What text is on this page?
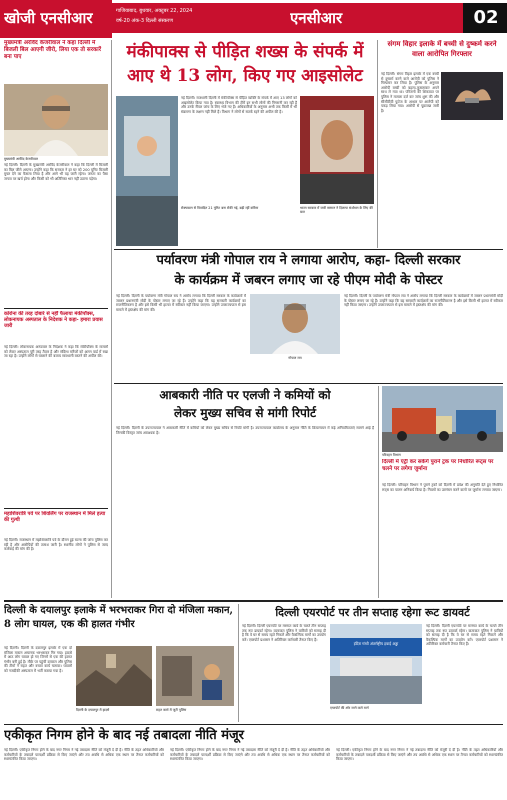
खोजी एनसीआर	गाजियाबाद, बुधवार, अक्टूबर 22, 2024
वर्ष-20 अंक-3 दिल्ली संस्करण	एनसीआर	02
मुख्यमंत्री अरविंद केजरीवाल ने कहा दिल्ली में बिजली बिल आएगी जीरो, लिया एक तो सरकारें बना पाए
मुख्यमंत्री अरविंद केजरीवाल
नई दिल्ली। दिल्ली के मुख्यमंत्री अरविंद केजरीवाल ने कहा कि दिल्ली में बिजली का बिल जीरो आएगा। उन्होंने कहा कि सरकार ने हर घर को 200 यूनिट बिजली मुफ्त देने का फैसला लिया है और आगे भी यह जारी रहेगा। जनता का पैसा जनता पर खर्च होगा और किसी को भी अतिरिक्त भार नहीं उठाना पड़ेगा।
कोरोना की तरह दोबारे से नहीं फैलाया मंकीपॉक्स, लोकनायक अस्पताल के निदेशक ने कहा- हमारा प्रयास जारी
नई दिल्ली। लोकनायक अस्पताल के निदेशक ने कहा कि मंकीपॉक्स के मामलों को लेकर अस्पताल पूरी तरह तैयार है और संदिग्ध मरीजों को अलग वार्ड में रखा जा रहा है। उन्होंने लोगों से घबराने की बजाय सावधानी बरतने की अपील की।
महाशिवरात्रि पर्व पर शिवलिंग पर राजस्थान में मिले हत्या की गुत्थी
नई दिल्ली। राजस्थान में महाशिवरात्रि पर्व के दौरान हुई घटना की जांच पुलिस कर रही है और आरोपियों की तलाश जारी है। स्थानीय लोगों ने पुलिस से जल्द कार्रवाई की मांग की है।
मंकीपाक्स से पीड़ित शख्स के संपर्क में आए थे 13 लोग, किए गए आइसोलेट
नई दिल्ली। राजधानी दिल्ली में मंकीपॉक्स से पीड़ित व्यक्ति के संपर्क में आए 13 लोगों को आइसोलेट किया गया है। स्वास्थ्य विभाग की टीमें इन सभी लोगों की निगरानी कर रही हैं और उनके सैंपल जांच के लिए भेजे गए हैं। अधिकारियों के अनुसार अभी तक किसी में भी संक्रमण के लक्षण नहीं मिले हैं। विभाग ने लोगों से सतर्क रहने की अपील की है।
रोक्याबाग से विवादित 21 यूनिट बना रोकी गई, बढ़ी रहीं कोरेमा	भारत सरकार में जारी सम्मान ने दिलाया संशोधन के लिए की बात
संगम विहार इलाके में बच्ची से दुष्कर्म करने वाला आरोपित गिरफ्तार
नई दिल्ली। संगम विहार इलाके में एक बच्ची से दुष्कर्म करने वाले आरोपी को पुलिस ने गिरफ्तार कर लिया है। पुलिस के अनुसार आरोपी बच्ची को बहला-फुसलाकर अपने साथ ले गया था। परिजनों की शिकायत पर पुलिस ने मामला दर्ज कर जांच शुरू की और सीसीटीवी फुटेज के आधार पर आरोपी को पकड़ लिया गया। आरोपी से पूछताछ जारी है।
पर्यावरण मंत्री गोपाल राय ने लगाया आरोप, कहा- दिल्ली सरकार
के कार्यक्रम में जबरन लगाए जा रहे पीएम मोदी के पोस्टर
नई दिल्ली। दिल्ली के पर्यावरण मंत्री गोपाल राय ने आरोप लगाया कि दिल्ली सरकार के कार्यक्रमों में जबरन प्रधानमंत्री मोदी के पोस्टर लगाए जा रहे हैं। उन्होंने कहा कि यह सरकारी कार्यक्रमों का राजनीतिकरण है और इसे किसी भी हालत में स्वीकार नहीं किया जाएगा। उन्होंने उपराज्यपाल से इस मामले में हस्तक्षेप की मांग की।
गोपाल राय
नई दिल्ली। दिल्ली के पर्यावरण मंत्री गोपाल राय ने आरोप लगाया कि दिल्ली सरकार के कार्यक्रमों में जबरन प्रधानमंत्री मोदी के पोस्टर लगाए जा रहे हैं। उन्होंने कहा कि यह सरकारी कार्यक्रमों का राजनीतिकरण है और इसे किसी भी हालत में स्वीकार नहीं किया जाएगा। उन्होंने उपराज्यपाल से इस मामले में हस्तक्षेप की मांग की।
आबकारी नीति पर एलजी ने कमियों को
लेकर मुख्य सचिव से मांगी रिपोर्ट
नई दिल्ली। दिल्ली के उपराज्यपाल ने आबकारी नीति में कमियों को लेकर मुख्य सचिव से रिपोर्ट मांगी है। उपराज्यपाल कार्यालय के अनुसार नीति के क्रियान्वयन में कई अनियमितताएं सामने आई हैं जिनकी विस्तृत जांच आवश्यक है।
परिवहन विभाग
दिल्ली में एंट्री कर सकेंगे पुराने ट्रक पर निर्धारित रूट्स पर चलने पर लगेगा जुर्माना
नई दिल्ली। परिवहन विभाग ने पुराने ट्रकों को दिल्ली में प्रवेश की अनुमति देते हुए निर्धारित रूट्स का पालन अनिवार्य किया है। नियमों का उल्लंघन करने वालों पर जुर्माना लगाया जाएगा।
दिल्ली के दयालपुर इलाके में भरभराकर गिरा दो मंजिला मकान, 8 लोग घायल, एक की हालत गंभीर
नई दिल्ली। दिल्ली के दयालपुर इलाके में एक दो मंजिला मकान अचानक भरभराकर गिर गया। हादसे में आठ लोग घायल हो गए जिनमें से एक की हालत गंभीर बनी हुई है। मौके पर पहुंची दमकल और पुलिस की टीमों ने राहत और बचाव कार्य चलाया। घायलों को नजदीकी अस्पताल में भर्ती कराया गया है।
दिल्ली के दयालपुर में हादसे	राहत कार्य में जुटी पुलिस
दिल्ली एयरपोर्ट पर तीन सप्ताह रहेगा रूट डायवर्ट
नई दिल्ली। दिल्ली एयरपोर्ट पर मरम्मत कार्य के चलते तीन सप्ताह तक रूट डायवर्ट रहेगा। यातायात पुलिस ने यात्रियों को सलाह दी है कि वे घर से समय रहते निकलें और वैकल्पिक मार्गों का उपयोग करें। एयरपोर्ट प्रशासन ने अतिरिक्त कर्मचारी तैनात किए हैं।
इंदिरा गांधी अंतर्राष्ट्रीय हवाई अड्डा
एयरपोर्ट की ओर जाने वाले मार्ग
नई दिल्ली। दिल्ली एयरपोर्ट पर मरम्मत कार्य के चलते तीन सप्ताह तक रूट डायवर्ट रहेगा। यातायात पुलिस ने यात्रियों को सलाह दी है कि वे घर से समय रहते निकलें और वैकल्पिक मार्गों का उपयोग करें। एयरपोर्ट प्रशासन ने अतिरिक्त कर्मचारी तैनात किए हैं।
एकीकृत निगम होने के बाद नई तबादला नीति मंजूर
नई दिल्ली। एकीकृत निगम होने के बाद नगर निगम ने नई तबादला नीति को मंजूरी दे दी है। नीति के तहत अधिकारियों और कर्मचारियों के तबादले पारदर्शी प्रक्रिया से किए जाएंगे और तय अवधि से अधिक एक स्थान पर तैनात कर्मचारियों को स्थानांतरित किया जाएगा।
नई दिल्ली। एकीकृत निगम होने के बाद नगर निगम ने नई तबादला नीति को मंजूरी दे दी है। नीति के तहत अधिकारियों और कर्मचारियों के तबादले पारदर्शी प्रक्रिया से किए जाएंगे और तय अवधि से अधिक एक स्थान पर तैनात कर्मचारियों को स्थानांतरित किया जाएगा।
नई दिल्ली। एकीकृत निगम होने के बाद नगर निगम ने नई तबादला नीति को मंजूरी दे दी है। नीति के तहत अधिकारियों और कर्मचारियों के तबादले पारदर्शी प्रक्रिया से किए जाएंगे और तय अवधि से अधिक एक स्थान पर तैनात कर्मचारियों को स्थानांतरित किया जाएगा।
